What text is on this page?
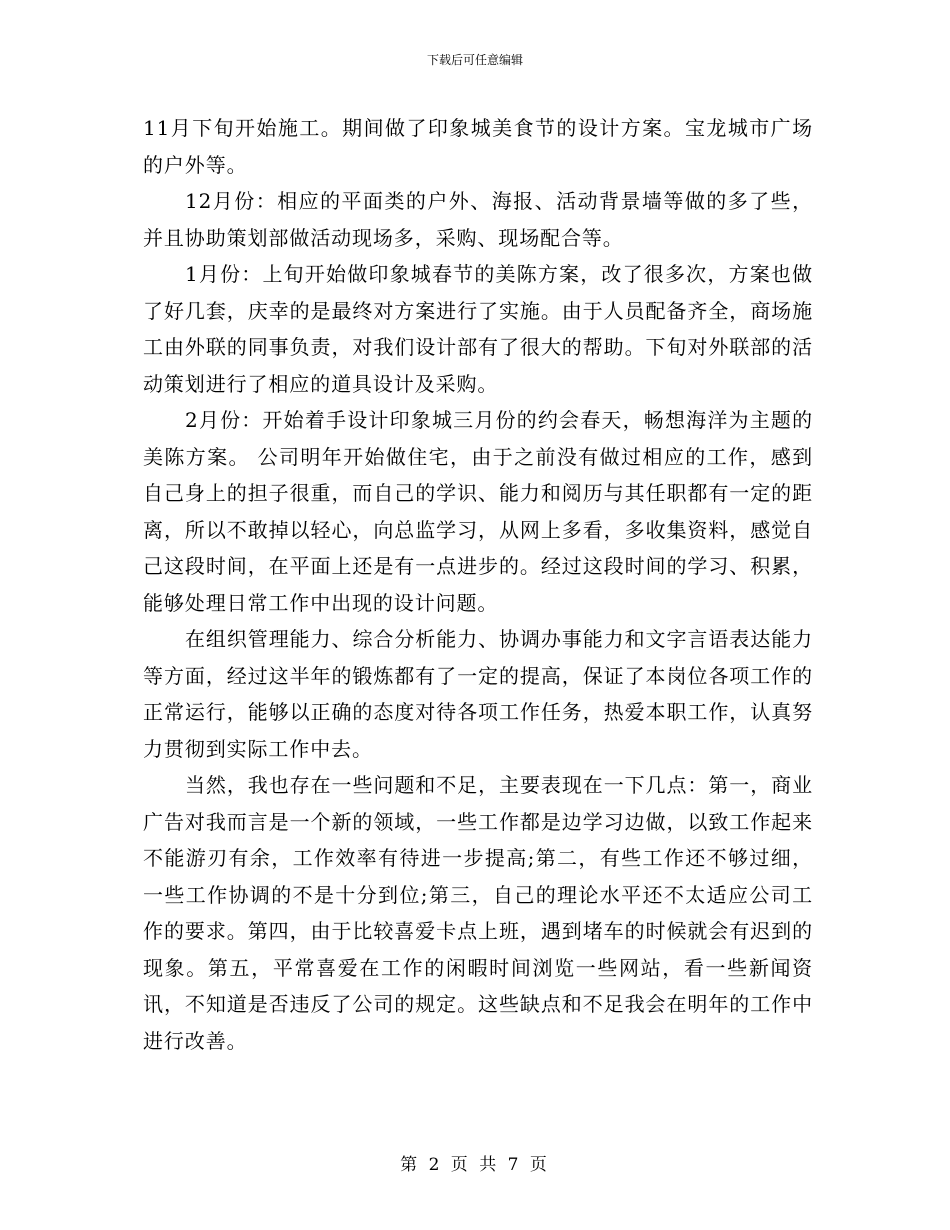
下载后可任意编辑

11月下旬开始施工。期间做了印象城美食节的设计方案。宝龙城市广场的户外等。

12月份：相应的平面类的户外、海报、活动背景墙等做的多了些，并且协助策划部做活动现场多，采购、现场配合等。

1月份：上旬开始做印象城春节的美陈方案，改了很多次，方案也做了好几套，庆幸的是最终对方案进行了实施。由于人员配备齐全，商场施工由外联的同事负责，对我们设计部有了很大的帮助。下旬对外联部的活动策划进行了相应的道具设计及采购。

2月份：开始着手设计印象城三月份的约会春天，畅想海洋为主题的美陈方案。 公司明年开始做住宅，由于之前没有做过相应的工作，感到自己身上的担子很重，而自己的学识、能力和阅历与其任职都有一定的距离，所以不敢掉以轻心，向总监学习，从网上多看，多收集资料，感觉自己这段时间，在平面上还是有一点进步的。经过这段时间的学习、积累，能够处理日常工作中出现的设计问题。

在组织管理能力、综合分析能力、协调办事能力和文字言语表达能力等方面，经过这半年的锻炼都有了一定的提高，保证了本岗位各项工作的正常运行，能够以正确的态度对待各项工作任务，热爱本职工作，认真努力贯彻到实际工作中去。

当然，我也存在一些问题和不足，主要表现在一下几点：第一，商业广告对我而言是一个新的领域，一些工作都是边学习边做，以致工作起来不能游刃有余，工作效率有待进一步提高;第二，有些工作还不够过细，一些工作协调的不是十分到位;第三，自己的理论水平还不太适应公司工作的要求。第四，由于比较喜爱卡点上班，遇到堵车的时候就会有迟到的现象。第五，平常喜爱在工作的闲暇时间浏览一些网站，看一些新闻资讯，不知道是否违反了公司的规定。这些缺点和不足我会在明年的工作中进行改善。

第 2 页 共 7 页
